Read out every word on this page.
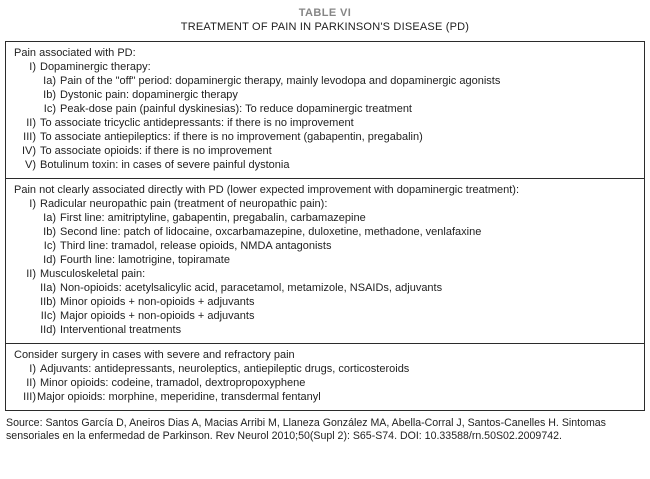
TABLE VI
TREATMENT OF PAIN IN PARKINSON'S DISEASE (PD)
Pain associated with PD:
I) Dopaminergic therapy:
Ia) Pain of the "off" period: dopaminergic therapy, mainly levodopa and dopaminergic agonists
Ib) Dystonic pain: dopaminergic therapy
Ic) Peak-dose pain (painful dyskinesias): To reduce dopaminergic treatment
II) To associate tricyclic antidepressants: if there is no improvement
III) To associate antiepileptics: if there is no improvement (gabapentin, pregabalin)
IV) To associate opioids: if there is no improvement
V) Botulinum toxin: in cases of severe painful dystonia
Pain not clearly associated directly with PD (lower expected improvement with dopaminergic treatment):
I) Radicular neuropathic pain (treatment of neuropathic pain):
Ia) First line: amitriptyline, gabapentin, pregabalin, carbamazepine
Ib) Second line: patch of lidocaine, oxcarbamazepine, duloxetine, methadone, venlafaxine
Ic) Third line: tramadol, release opioids, NMDA antagonists
Id) Fourth line: lamotrigine, topiramate
II) Musculoskeletal pain:
IIa) Non-opioids: acetylsalicylic acid, paracetamol, metamizole, NSAIDs, adjuvants
IIb) Minor opioids + non-opioids + adjuvants
IIc) Major opioids + non-opioids + adjuvants
IId) Interventional treatments
Consider surgery in cases with severe and refractory pain
I) Adjuvants: antidepressants, neuroleptics, antiepileptic drugs, corticosteroids
II) Minor opioids: codeine, tramadol, dextropropoxyphene
III) Major opioids: morphine, meperidine, transdermal fentanyl
Source: Santos García D, Aneiros Dias A, Macias Arribi M, Llaneza González MA, Abella-Corral J, Santos-Canelles H. Sintomas sensoriales en la enfermedad de Parkinson. Rev Neurol 2010;50(Supl 2): S65-S74. DOI: 10.33588/rn.50S02.2009742.
